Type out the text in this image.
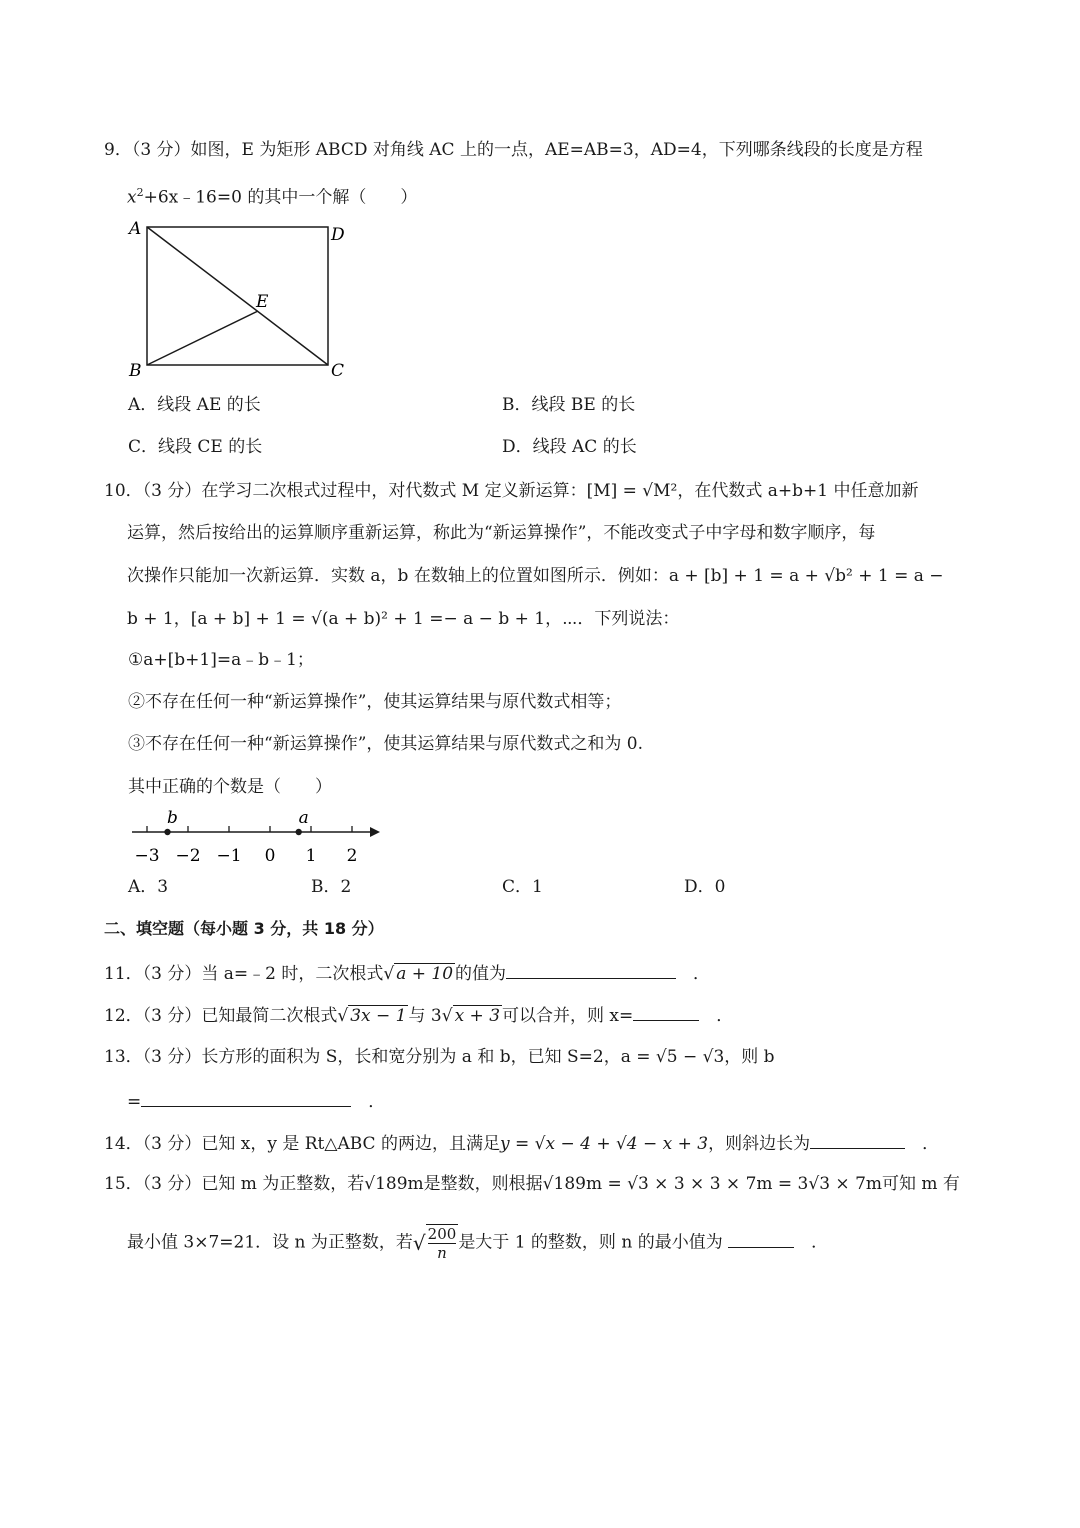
9．（3 分）如图，E 为矩形 ABCD 对角线 AC 上的一点，AE=AB=3，AD=4，下列哪条线段的长度是方程
$x^2+6x﹣16=0$ 的其中一个解（　　）
A	D
E
B	C
A．线段 AE 的长	B．线段 BE 的长
C．线段 CE 的长	D．线段 AC 的长
10．（3 分）在学习二次根式过程中，对代数式 M 定义新运算：[M] = √M²，在代数式 a+b+1 中任意加新
运算，然后按给出的运算顺序重新运算，称此为“新运算操作”，不能改变式子中字母和数字顺序，每
次操作只能加一次新运算．实数 a，b 在数轴上的位置如图所示．例如：a + [b] + 1 = a + √b² + 1 = a −
b + 1，[a + b] + 1 = √(a + b)² + 1 =− a − b + 1，⋯．下列说法：
①a+[b+1]=a﹣b﹣1；
②不存在任何一种“新运算操作”，使其运算结果与原代数式相等；
③不存在任何一种“新运算操作”，使其运算结果与原代数式之和为 0.
其中正确的个数是（　　）
−3 −2 −1 0 1 2
b	a
A．3	B．2	C．1	D．0
二、填空题（每小题 3 分，共 18 分）
11．（3 分）当 a=﹣2 时，二次根式√ a + 10 的值为　	．
12．（3 分）已知最简二次根式√ 3x − 1 与 3√ x + 3 可以合并，则 x=　	．
13．（3 分）长方形的面积为 S，长和宽分别为 a 和 b，已知 S=2，a = √5 − √3，则 b
=　	．
14．（3 分）已知 x，y 是 Rt△ABC 的两边，且满足y = √x − 4 + √4 − x + 3，则斜边长为　	．
15．（3 分）已知 m 为正整数，若√189m是整数，则根据√189m = √3 × 3 × 3 × 7m = 3√3 × 7m可知 m 有
最小值 3×7=21．设 n 为正整数，若√ $\frac{200}{n}$ 是大于 1 的整数，则 n 的最小值为 　	．
